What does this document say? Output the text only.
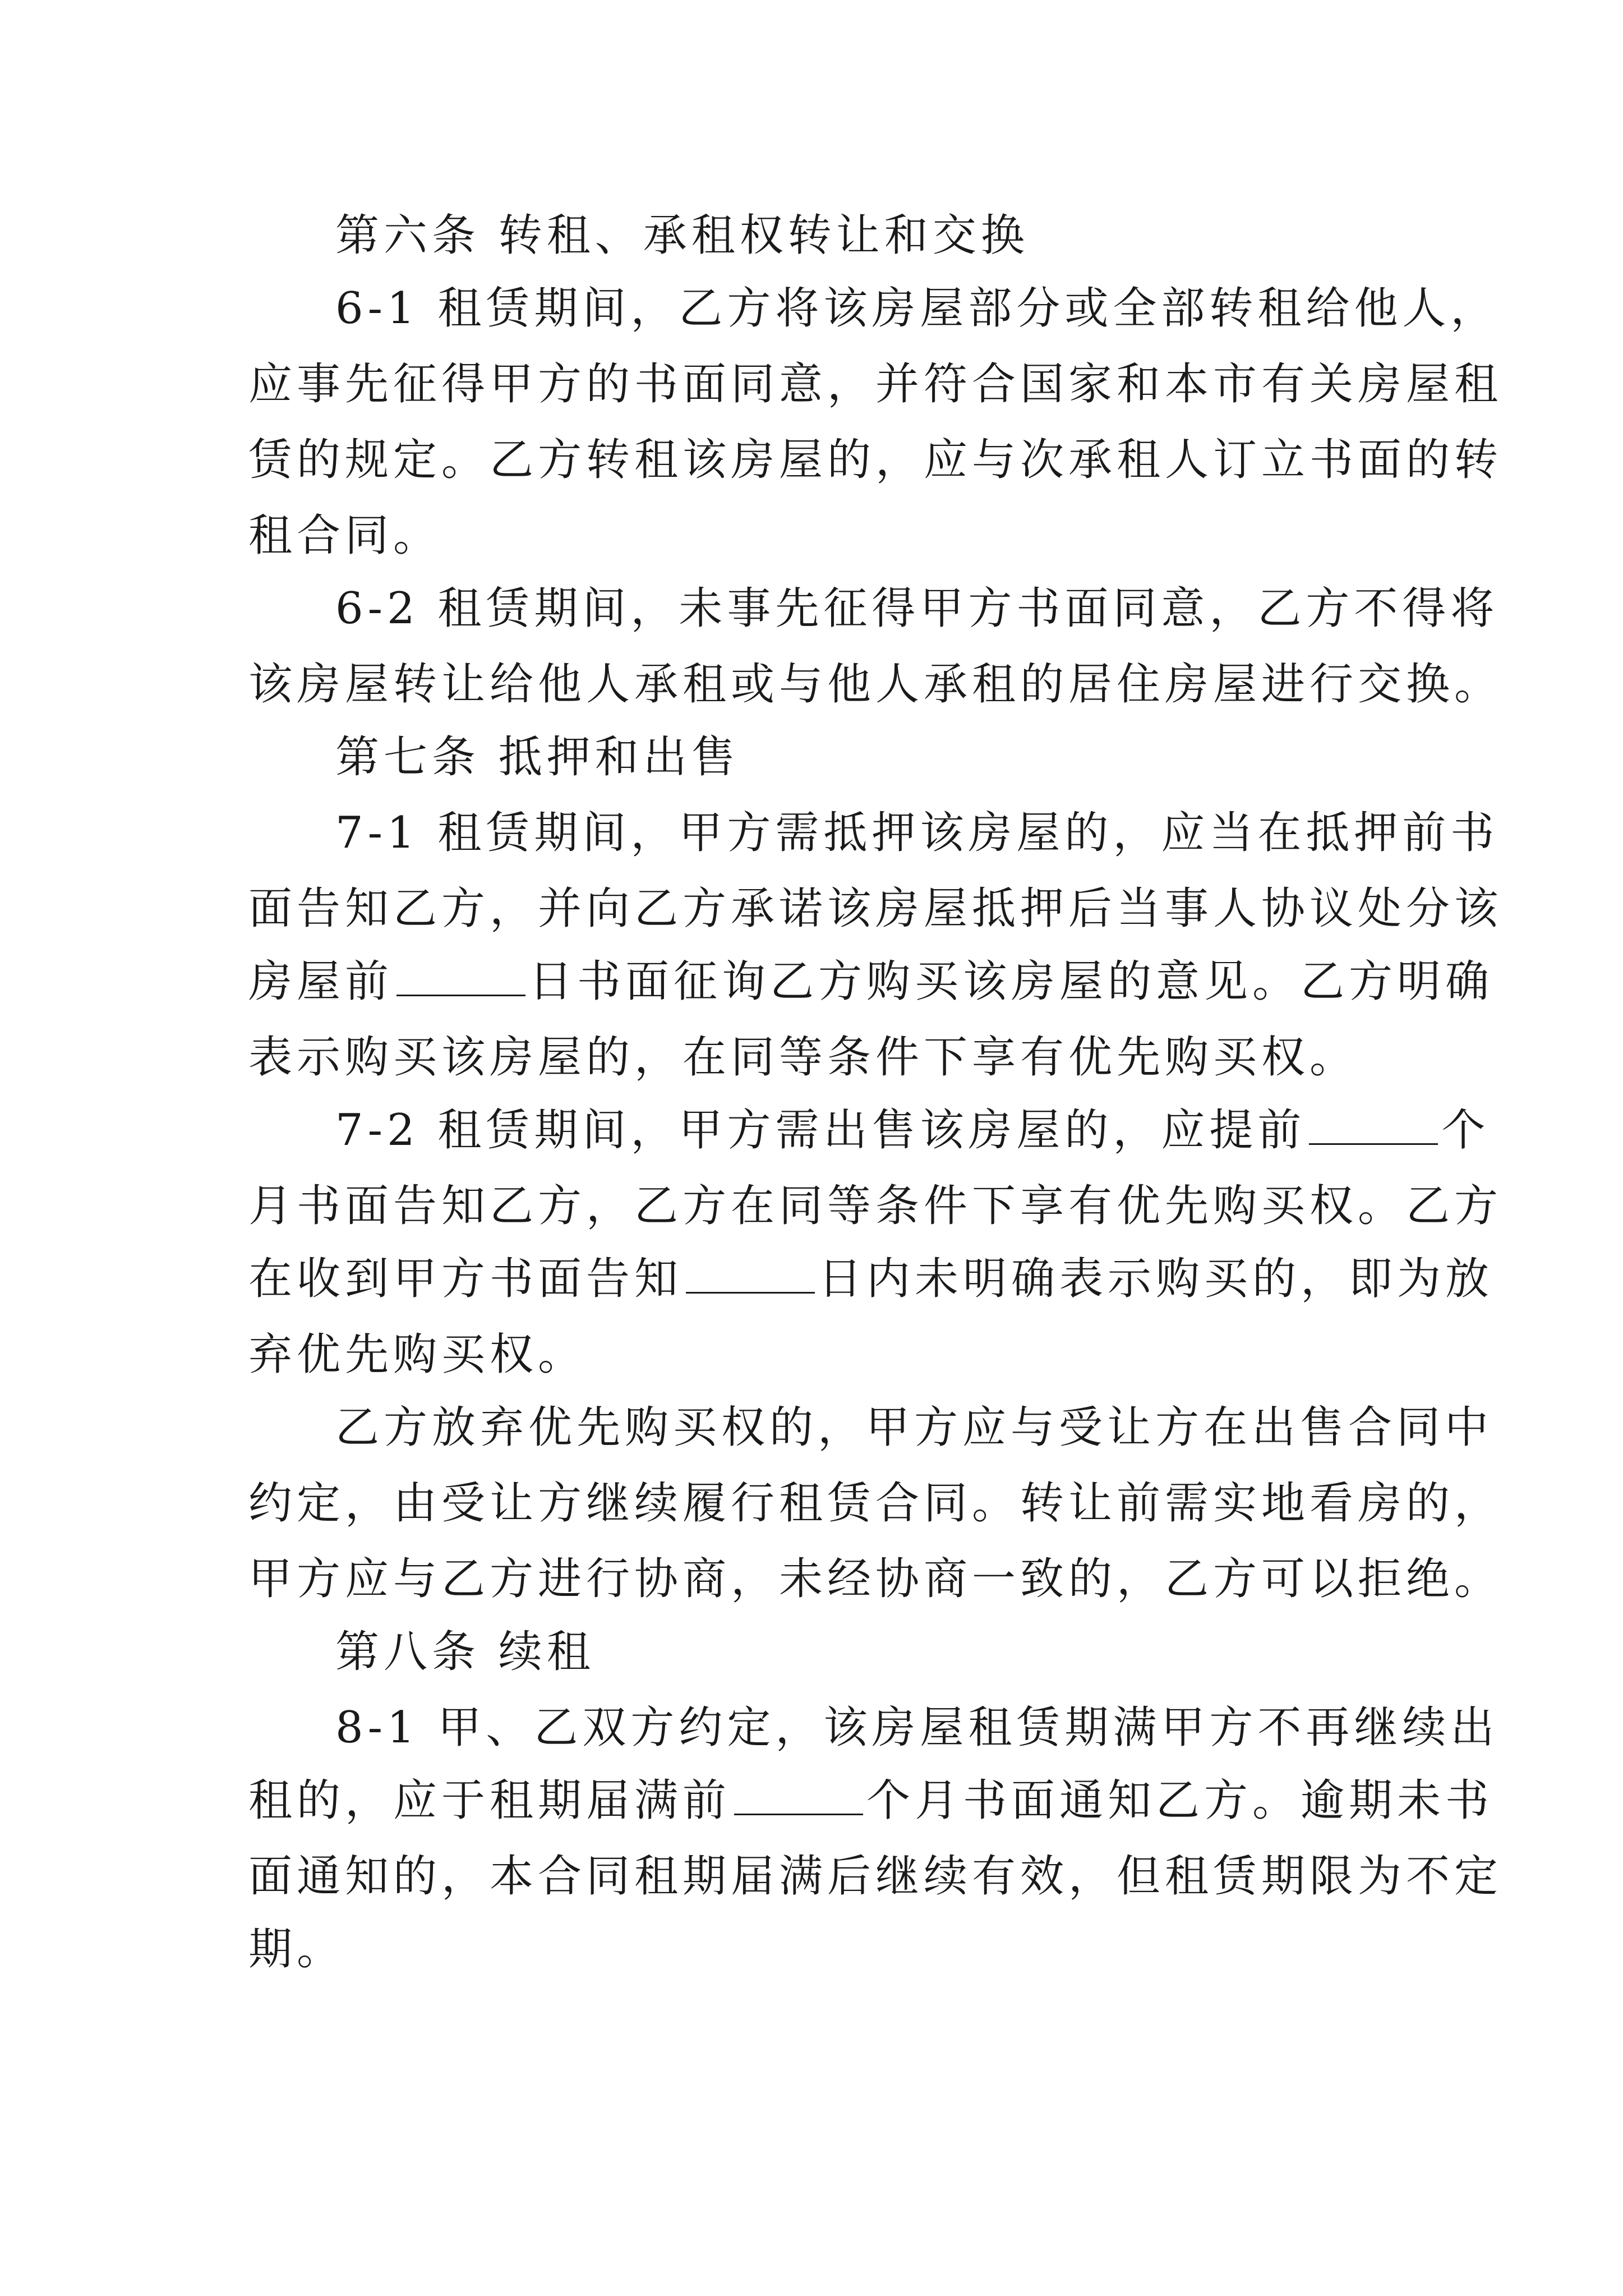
第六条 转租、承租权转让和交换
6-1 租赁期间，乙方将该房屋部分或全部转租给他人，
应事先征得甲方的书面同意，并符合国家和本市有关房屋租
赁的规定。乙方转租该房屋的，应与次承租人订立书面的转
租合同。
6-2 租赁期间，未事先征得甲方书面同意，乙方不得将
该房屋转让给他人承租或与他人承租的居住房屋进行交换。
第七条 抵押和出售
7-1 租赁期间，甲方需抵押该房屋的，应当在抵押前书
面告知乙方，并向乙方承诺该房屋抵押后当事人协议处分该
房屋前	日书面征询乙方购买该房屋的意见。乙方明确
表示购买该房屋的，在同等条件下享有优先购买权。
7-2 租赁期间，甲方需出售该房屋的，应提前	个
月书面告知乙方，乙方在同等条件下享有优先购买权。乙方
在收到甲方书面告知	日内未明确表示购买的，即为放
弃优先购买权。
乙方放弃优先购买权的，甲方应与受让方在出售合同中
约定，由受让方继续履行租赁合同。转让前需实地看房的，
甲方应与乙方进行协商，未经协商一致的，乙方可以拒绝。
第八条 续租
8-1 甲、乙双方约定，该房屋租赁期满甲方不再继续出
租的，应于租期届满前	个月书面通知乙方。逾期未书
面通知的，本合同租期届满后继续有效，但租赁期限为不定
期。
